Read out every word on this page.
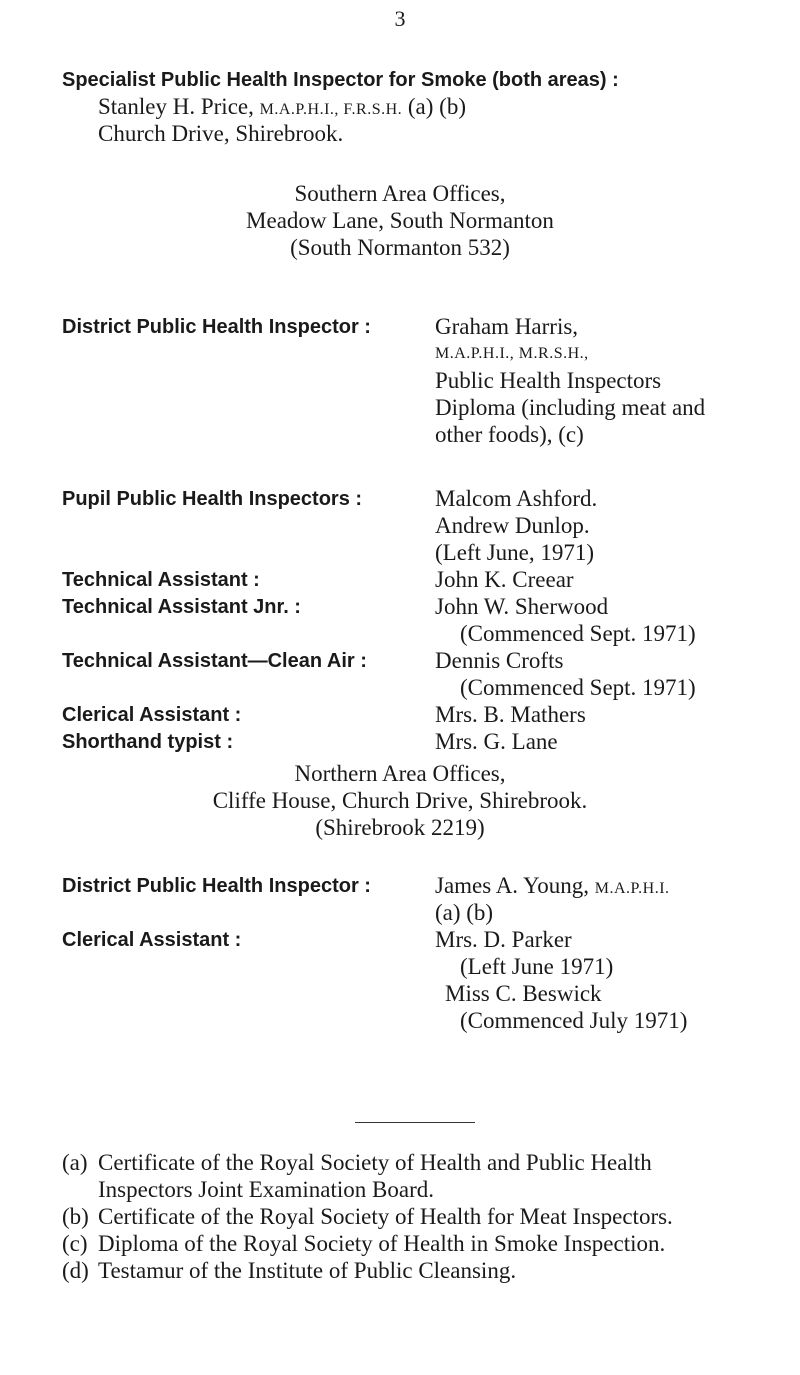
3
Specialist Public Health Inspector for Smoke (both areas) :
Stanley H. Price, M.A.P.H.I., F.R.S.H. (a) (b)
Church Drive, Shirebrook.
Southern Area Offices,
Meadow Lane, South Normanton
(South Normanton 532)
District Public Health Inspector :	Graham Harris,
M.A.P.H.I., M.R.S.H.,
Public Health Inspectors
Diploma (including meat and
other foods), (c)
Pupil Public Health Inspectors :	Malcom Ashford.
Andrew Dunlop.
(Left June, 1971)
Technical Assistant :	John K. Creear
Technical Assistant Jnr. :	John W. Sherwood
(Commenced Sept. 1971)
Technical Assistant—Clean Air :	Dennis Crofts
(Commenced Sept. 1971)
Clerical Assistant :	Mrs. B. Mathers
Shorthand typist :	Mrs. G. Lane
Northern Area Offices,
Cliffe House, Church Drive, Shirebrook.
(Shirebrook 2219)
District Public Health Inspector :	James A. Young, M.A.P.H.I.
(a) (b)
Clerical Assistant :	Mrs. D. Parker
(Left June 1971)
Miss C. Beswick
(Commenced July 1971)
(a) Certificate of the Royal Society of Health and Public Health
Inspectors Joint Examination Board.
(b) Certificate of the Royal Society of Health for Meat Inspectors.
(c) Diploma of the Royal Society of Health in Smoke Inspection.
(d) Testamur of the Institute of Public Cleansing.
